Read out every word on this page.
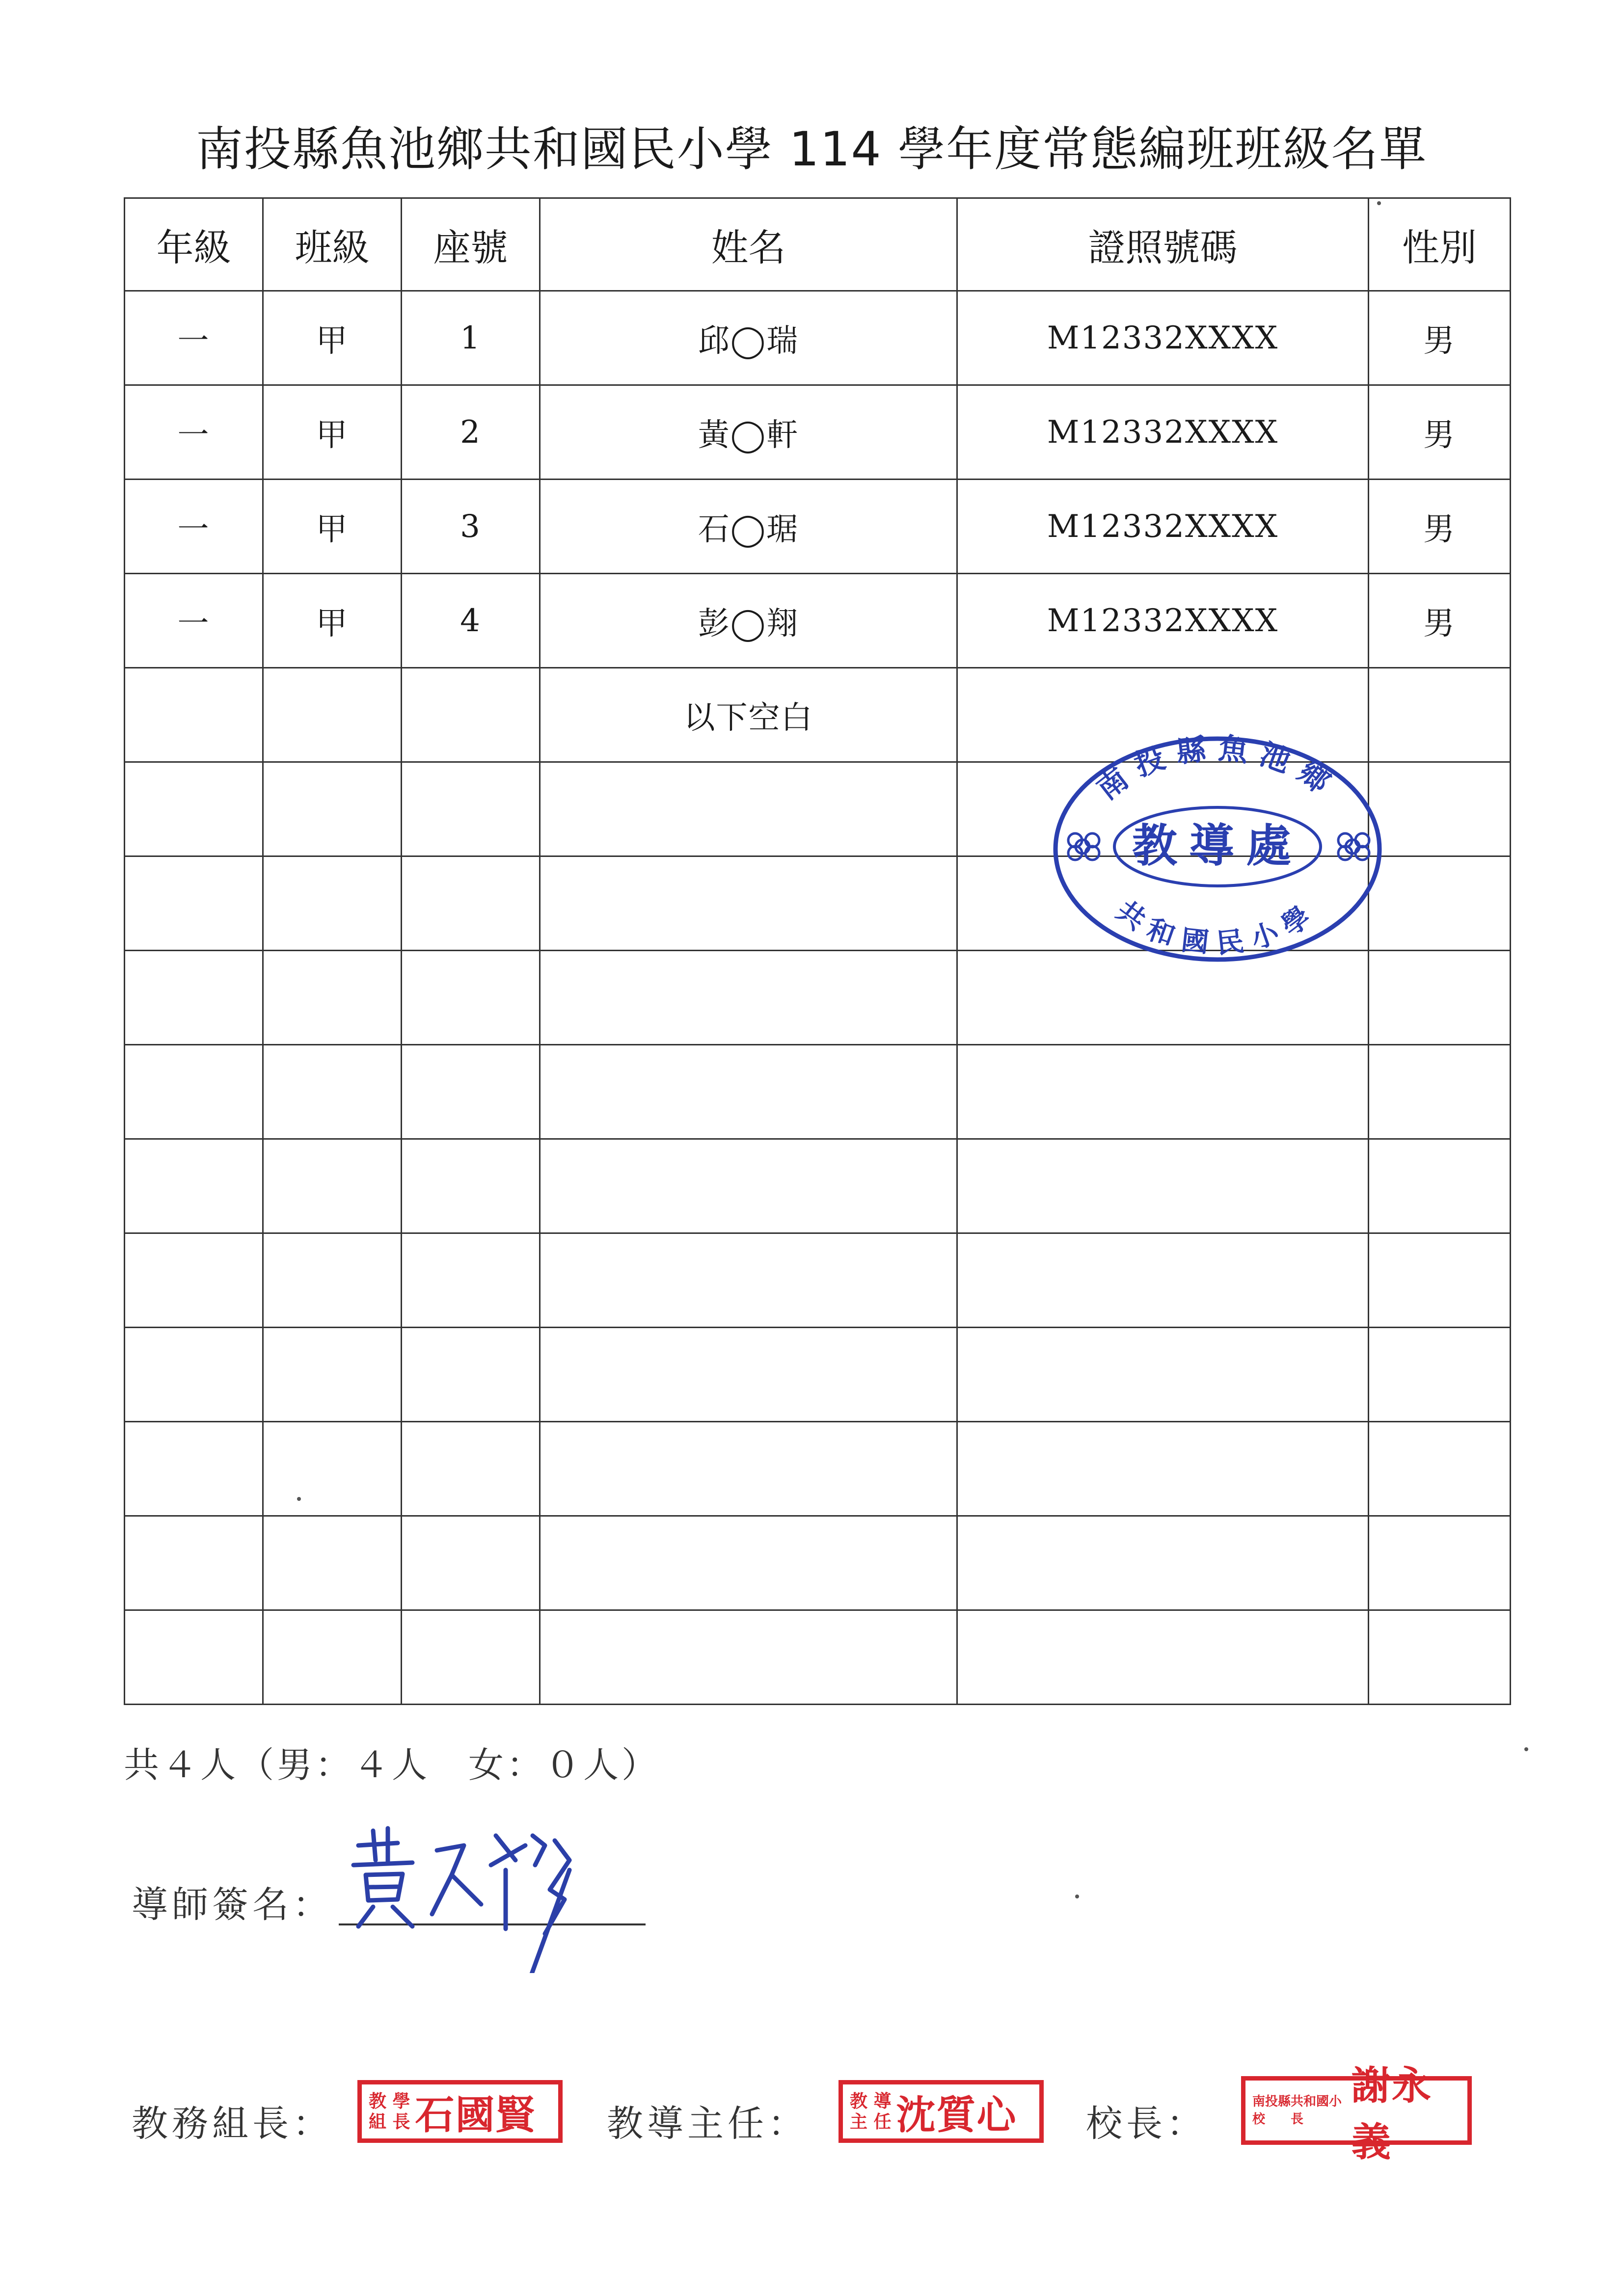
南投縣魚池鄉共和國民小學 114 學年度常態編班班級名單
年級	班級	座號	姓名	證照號碼	性別
一	甲	1	邱◯瑞	M12332XXXX	男
一	甲	2	黃◯軒	M12332XXXX	男
一	甲	3	石◯琚	M12332XXXX	男
一	甲	4	彭◯翔	M12332XXXX	男
			以下空白		

南投縣魚池鄉
共和國民小學
教導處
共４人（男：４人　女：０人）
導師簽名：
教務組長：
教 學
組 長 石國賢 教導主任：
教 導
主 任 沈質心 校長：
南投縣共和國小
校　　長
謝永義
